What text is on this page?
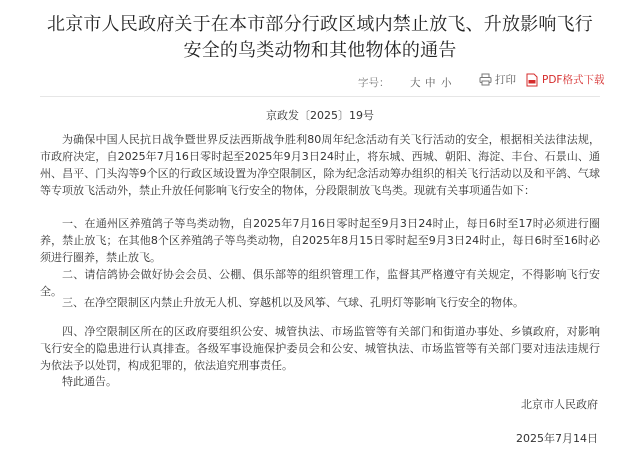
北京市人民政府关于在本市部分行政区域内禁止放飞、升放影响飞行安全的鸟类动物和其他物体的通告
字号： 大 中 小	打印 PDF格式下载
京政发〔2025〕19号

为确保中国人民抗日战争暨世界反法西斯战争胜利80周年纪念活动有关飞行活动的安全，根据相关法律法规，市政府决定，自2025年7月16日零时起至2025年9月3日24时止，将东城、西城、朝阳、海淀、丰台、石景山、通州、昌平、门头沟等9个区的行政区域设置为净空限制区，除为纪念活动筹办组织的相关飞行活动以及和平鸽、气球等专项放飞活动外，禁止升放任何影响飞行安全的物体，分段限制放飞鸟类。现就有关事项通告如下：

一、在通州区养殖鸽子等鸟类动物，自2025年7月16日零时起至9月3日24时止，每日6时至17时必须进行圈养，禁止放飞；在其他8个区养殖鸽子等鸟类动物，自2025年8月15日零时起至9月3日24时止，每日6时至16时必须进行圈养，禁止放飞。

二、请信鸽协会做好协会会员、公棚、俱乐部等的组织管理工作，监督其严格遵守有关规定，不得影响飞行安全。

三、在净空限制区内禁止升放无人机、穿越机以及风筝、气球、孔明灯等影响飞行安全的物体。

四、净空限制区所在的区政府要组织公安、城管执法、市场监管等有关部门和街道办事处、乡镇政府，对影响飞行安全的隐患进行认真排查。各级军事设施保护委员会和公安、城管执法、市场监管等有关部门要对违法违规行为依法予以处罚，构成犯罪的，依法追究刑事责任。

特此通告。

北京市人民政府
2025年7月14日
